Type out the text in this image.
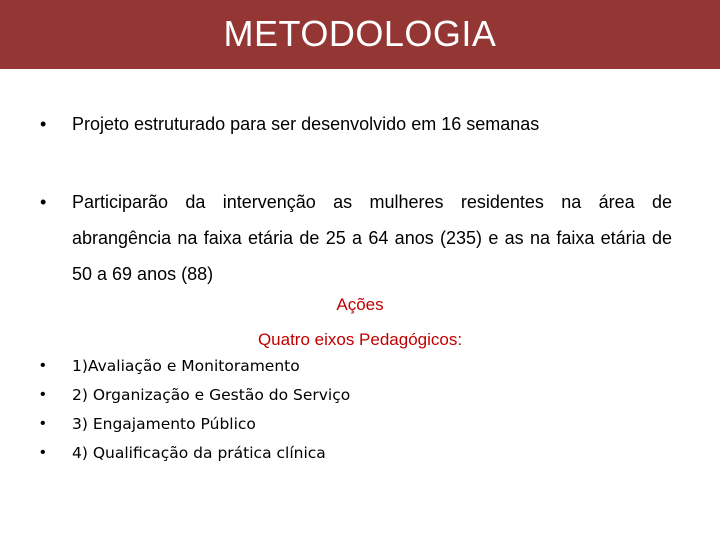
METODOLOGIA
• Projeto estruturado para ser desenvolvido em 16 semanas
• Participarão da intervenção as mulheres residentes na área de abrangência na faixa etária de 25 a 64 anos (235) e as na faixa etária de 50 a 69 anos (88)
Ações
Quatro eixos Pedagógicos:
• 1)Avaliação e Monitoramento
• 2) Organização e Gestão do Serviço
• 3) Engajamento Público
• 4) Qualificação da prática clínica
